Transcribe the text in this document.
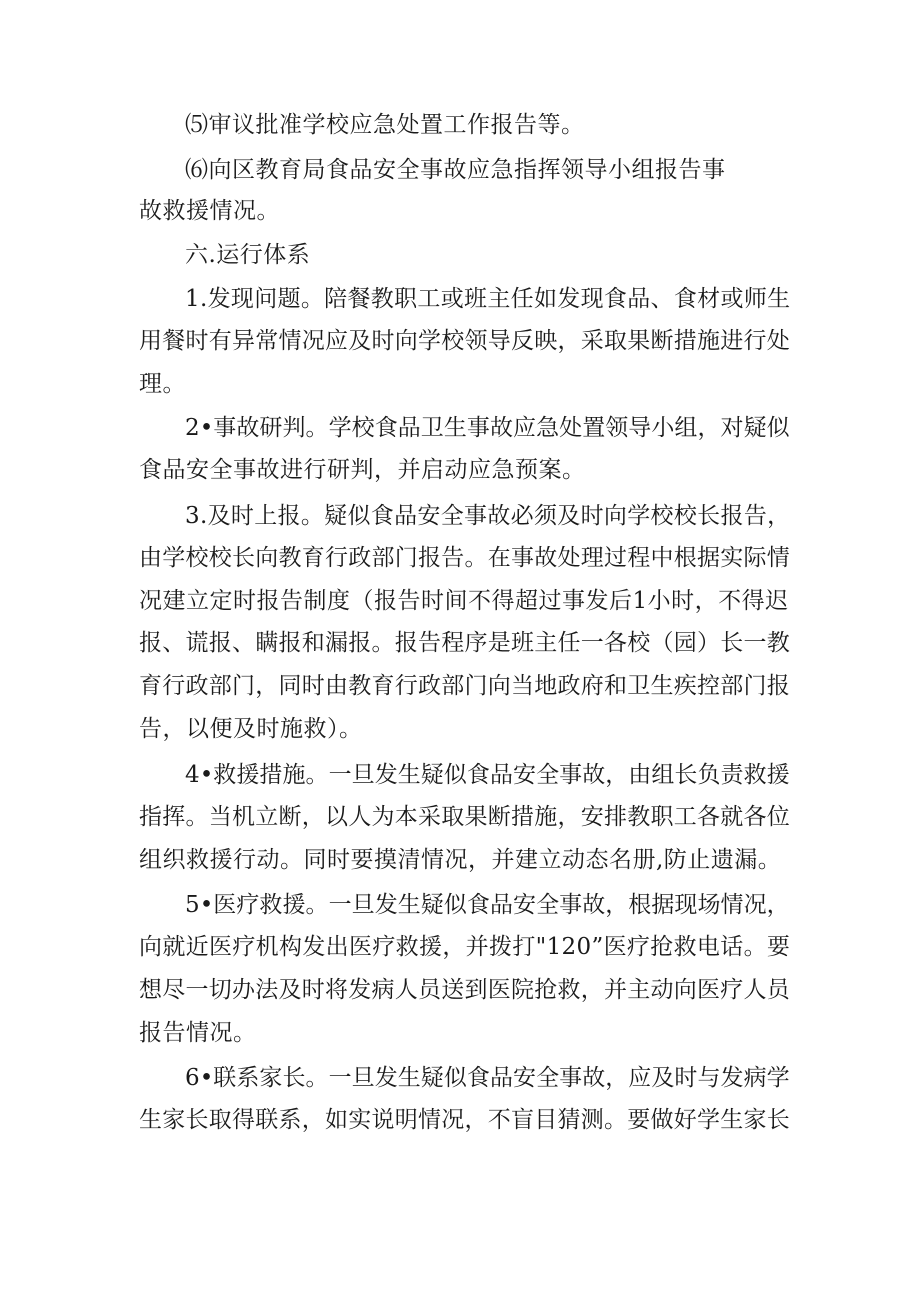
⑸审议批准学校应急处置工作报告等。
⑹向区教育局食品安全事故应急指挥领导小组报告事
故救援情况。
六.运行体系
1.发现问题。陪餐教职工或班主任如发现食品、食材或师生
用餐时有异常情况应及时向学校领导反映，采取果断措施进行处
理。
2•事故研判。学校食品卫生事故应急处置领导小组，对疑似
食品安全事故进行研判，并启动应急预案。
3.及时上报。疑似食品安全事故必须及时向学校校长报告，
由学校校长向教育行政部门报告。在事故处理过程中根据实际情
况建立定时报告制度（报告时间不得超过事发后1小时，不得迟
报、谎报、瞒报和漏报。报告程序是班主任一各校（园）长一教
育行政部门，同时由教育行政部门向当地政府和卫生疾控部门报
告，以便及时施救）。
4•救援措施。一旦发生疑似食品安全事故，由组长负责救援
指挥。当机立断，以人为本采取果断措施，安排教职工各就各位
组织救援行动。同时要摸清情况，并建立动态名册,防止遗漏。
5•医疗救援。一旦发生疑似食品安全事故，根据现场情况，
向就近医疗机构发出医疗救援，并拨打"120”医疗抢救电话。要
想尽一切办法及时将发病人员送到医院抢救，并主动向医疗人员
报告情况。
6•联系家长。一旦发生疑似食品安全事故，应及时与发病学
生家长取得联系，如实说明情况，不盲目猜测。要做好学生家长
